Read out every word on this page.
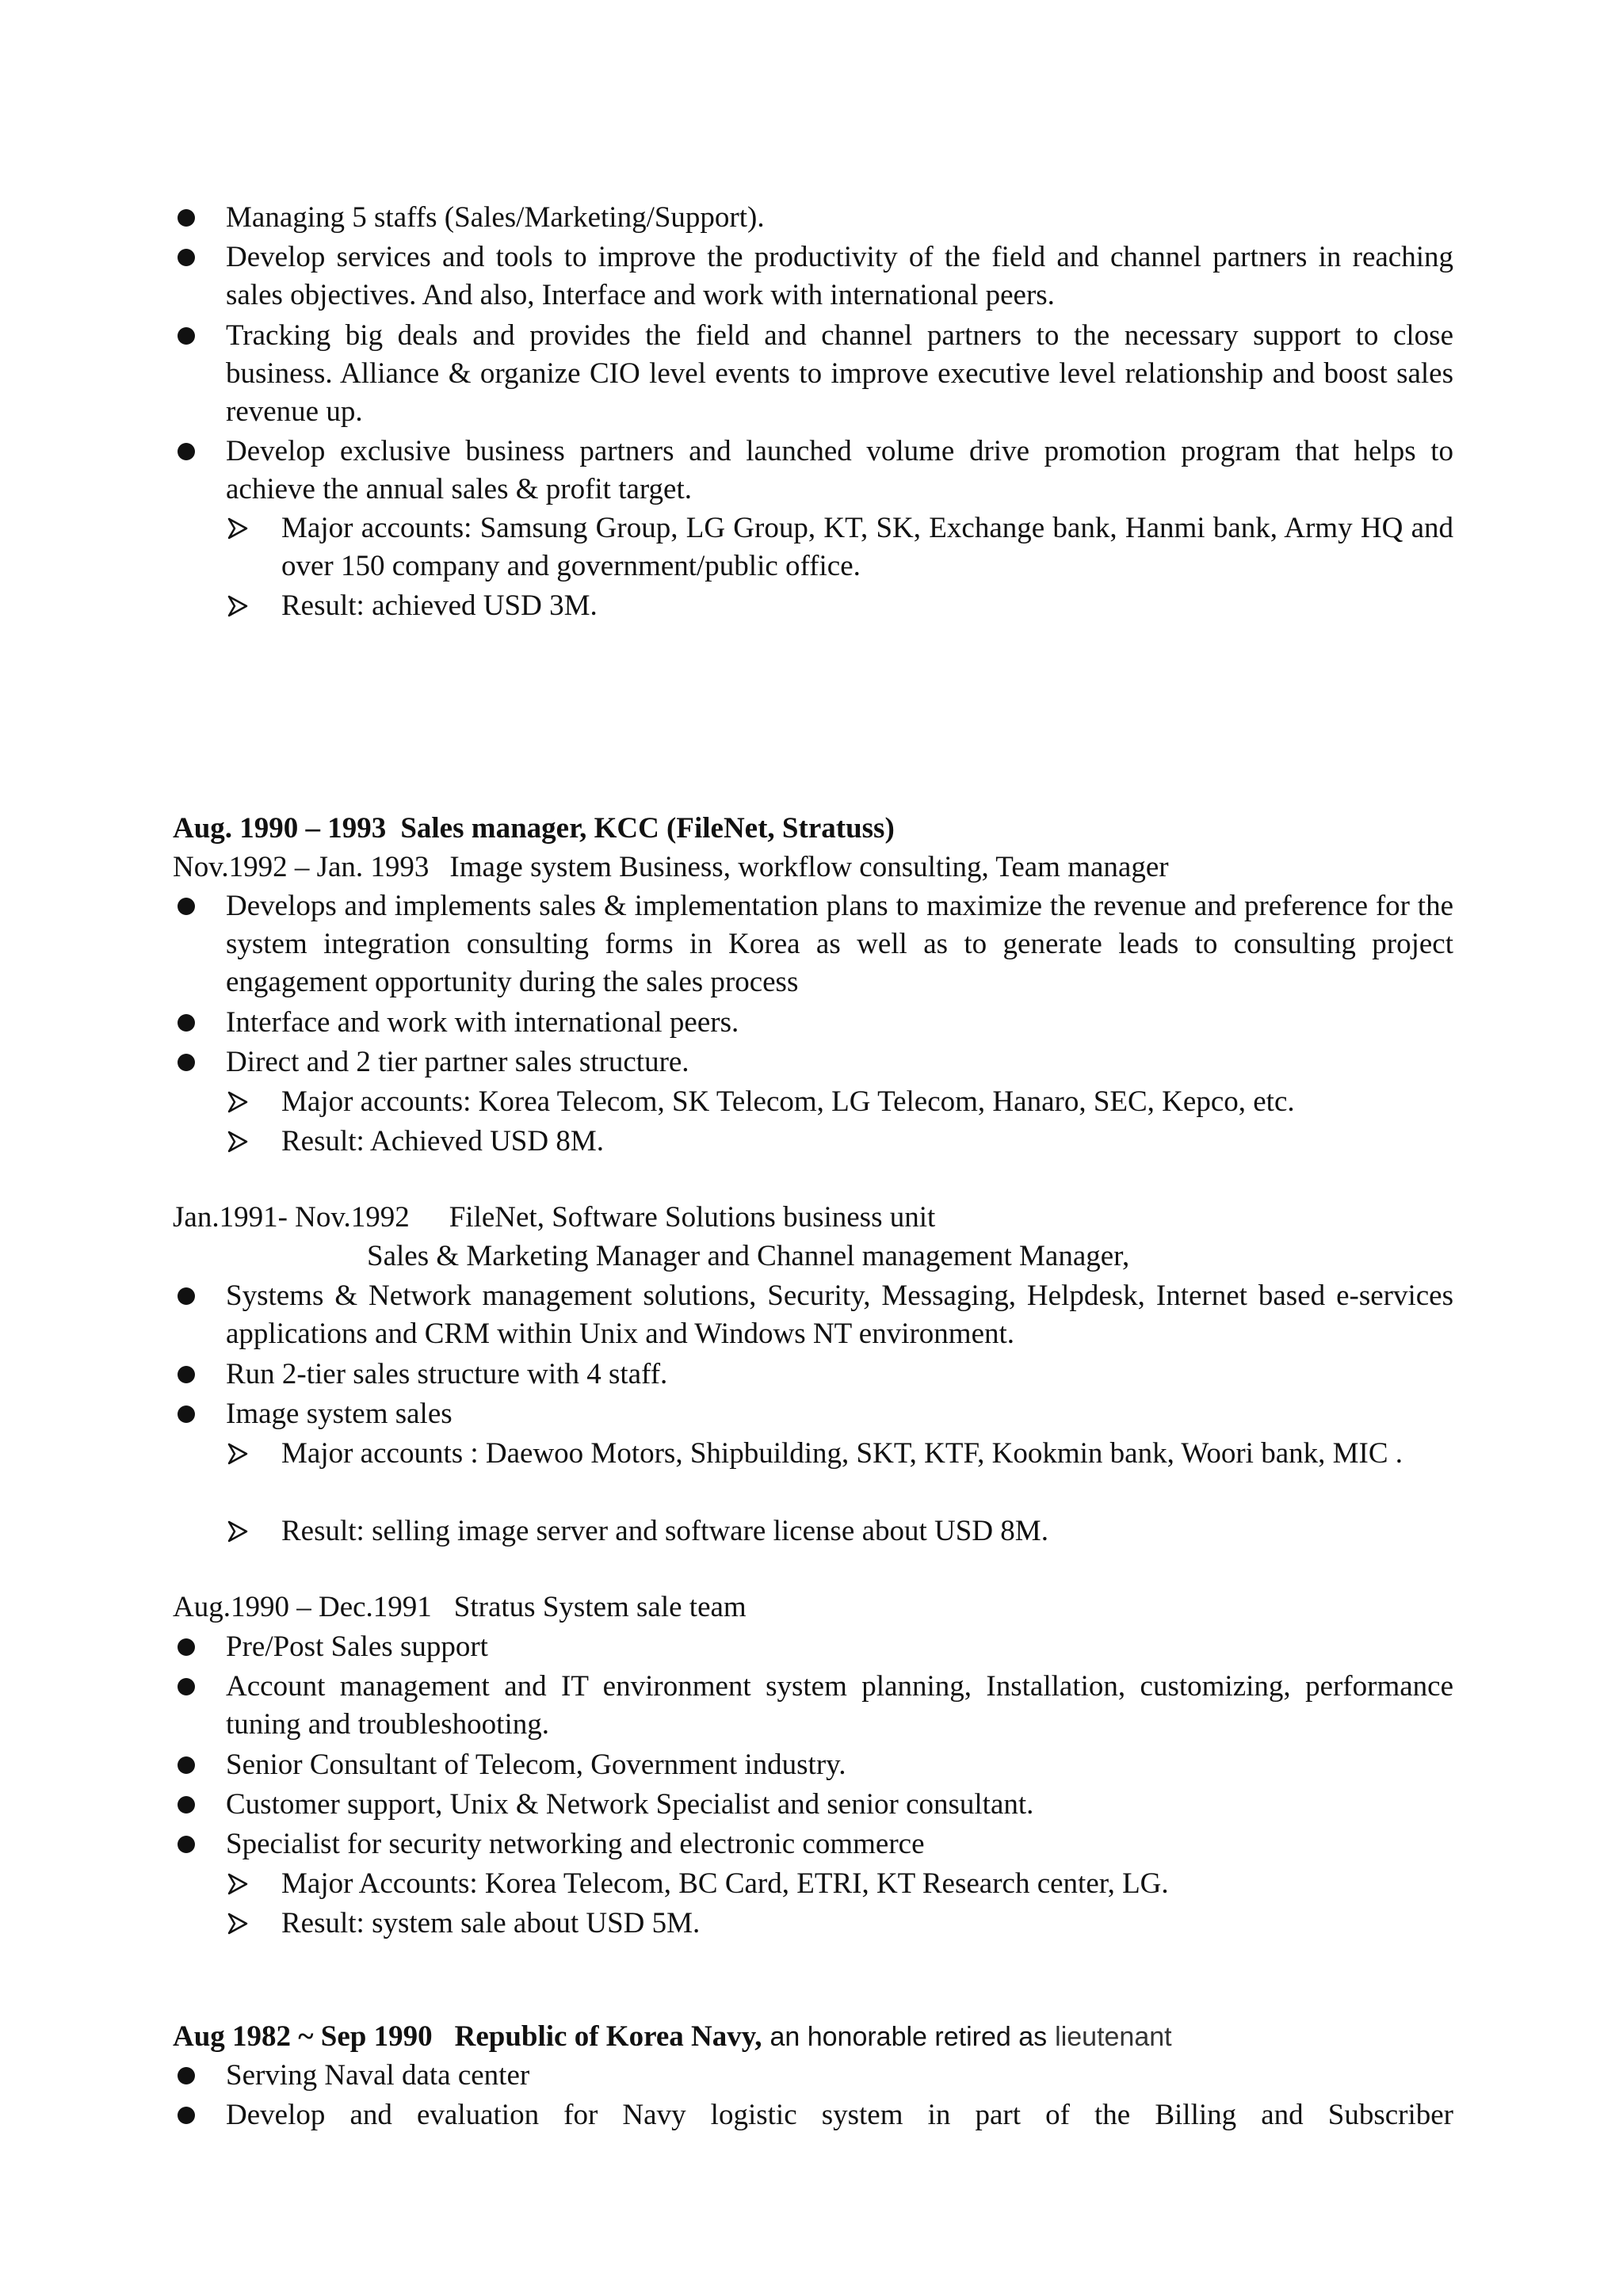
Managing 5 staffs (Sales/Marketing/Support).
Develop services and tools to improve the productivity of the field and channel partners in reaching sales objectives. And also, Interface and work with international peers.
Tracking big deals and provides the field and channel partners to the necessary support to close business. Alliance & organize CIO level events to improve executive level relationship and boost sales revenue up.
Develop exclusive business partners and launched volume drive promotion program that helps to achieve the annual sales & profit target.
Major accounts: Samsung Group, LG Group, KT, SK, Exchange bank, Hanmi bank, Army HQ and over 150 company and government/public office.
Result: achieved USD 3M.
Aug. 1990 – 1993 Sales manager, KCC (FileNet, Stratuss)
Nov.1992 – Jan. 1993 Image system Business, workflow consulting, Team manager
Develops and implements sales & implementation plans to maximize the revenue and preference for the system integration consulting forms in Korea as well as to generate leads to consulting project engagement opportunity during the sales process
Interface and work with international peers.
Direct and 2 tier partner sales structure.
Major accounts: Korea Telecom, SK Telecom, LG Telecom, Hanaro, SEC, Kepco, etc.
Result: Achieved USD 8M.
Jan.1991- Nov.1992 FileNet, Software Solutions business unit
Sales & Marketing Manager and Channel management Manager,
Systems & Network management solutions, Security, Messaging, Helpdesk, Internet based e-services applications and CRM within Unix and Windows NT environment.
Run 2-tier sales structure with 4 staff.
Image system sales
Major accounts : Daewoo Motors, Shipbuilding, SKT, KTF, Kookmin bank, Woori bank, MIC .
Result: selling image server and software license about USD 8M.
Aug.1990 – Dec.1991 Stratus System sale team
Pre/Post Sales support
Account management and IT environment system planning, Installation, customizing, performance tuning and troubleshooting.
Senior Consultant of Telecom, Government industry.
Customer support, Unix & Network Specialist and senior consultant.
Specialist for security networking and electronic commerce
Major Accounts: Korea Telecom, BC Card, ETRI, KT Research center, LG.
Result: system sale about USD 5M.
Aug 1982 ~ Sep 1990 Republic of Korea Navy, an honorable retired as lieutenant
Serving Naval data center
Develop and evaluation for Navy logistic system in part of the Billing and Subscriber
